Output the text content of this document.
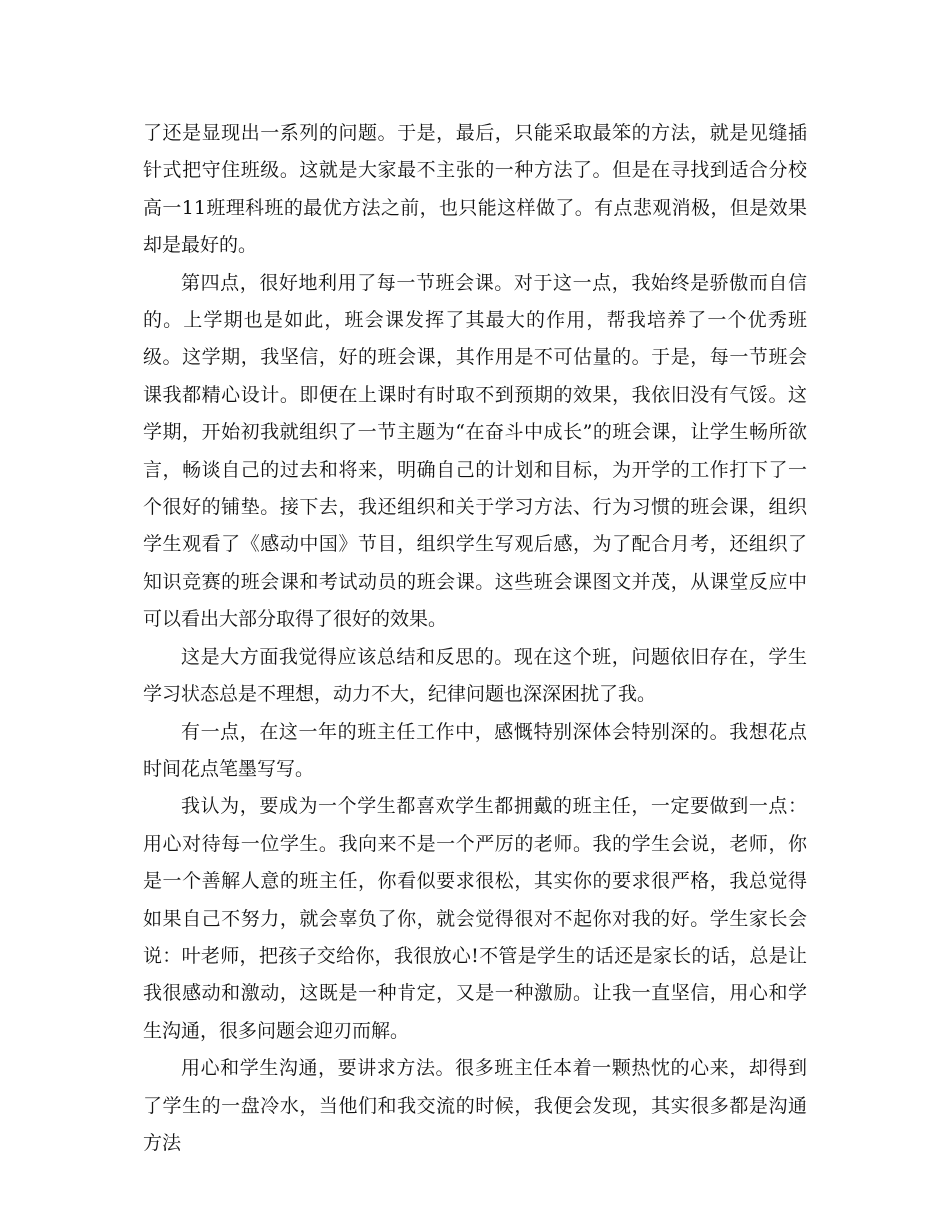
了还是显现出一系列的问题。于是，最后，只能采取最笨的方法，就是见缝插针式把守住班级。这就是大家最不主张的一种方法了。但是在寻找到适合分校高一11班理科班的最优方法之前，也只能这样做了。有点悲观消极，但是效果却是最好的。

第四点，很好地利用了每一节班会课。对于这一点，我始终是骄傲而自信的。上学期也是如此，班会课发挥了其最大的作用，帮我培养了一个优秀班级。这学期，我坚信，好的班会课，其作用是不可估量的。于是，每一节班会课我都精心设计。即便在上课时有时取不到预期的效果，我依旧没有气馁。这学期，开始初我就组织了一节主题为“在奋斗中成长”的班会课，让学生畅所欲言，畅谈自己的过去和将来，明确自己的计划和目标，为开学的工作打下了一个很好的铺垫。接下去，我还组织和关于学习方法、行为习惯的班会课，组织学生观看了《感动中国》节目，组织学生写观后感，为了配合月考，还组织了知识竞赛的班会课和考试动员的班会课。这些班会课图文并茂，从课堂反应中可以看出大部分取得了很好的效果。

这是大方面我觉得应该总结和反思的。现在这个班，问题依旧存在，学生学习状态总是不理想，动力不大，纪律问题也深深困扰了我。

有一点，在这一年的班主任工作中，感慨特别深体会特别深的。我想花点时间花点笔墨写写。

我认为，要成为一个学生都喜欢学生都拥戴的班主任，一定要做到一点：用心对待每一位学生。我向来不是一个严厉的老师。我的学生会说，老师，你是一个善解人意的班主任，你看似要求很松，其实你的要求很严格，我总觉得如果自己不努力，就会辜负了你，就会觉得很对不起你对我的好。学生家长会说：叶老师，把孩子交给你，我很放心!不管是学生的话还是家长的话，总是让我很感动和激动，这既是一种肯定，又是一种激励。让我一直坚信，用心和学生沟通，很多问题会迎刃而解。

用心和学生沟通，要讲求方法。很多班主任本着一颗热忱的心来，却得到了学生的一盘冷水，当他们和我交流的时候，我便会发现，其实很多都是沟通方法
